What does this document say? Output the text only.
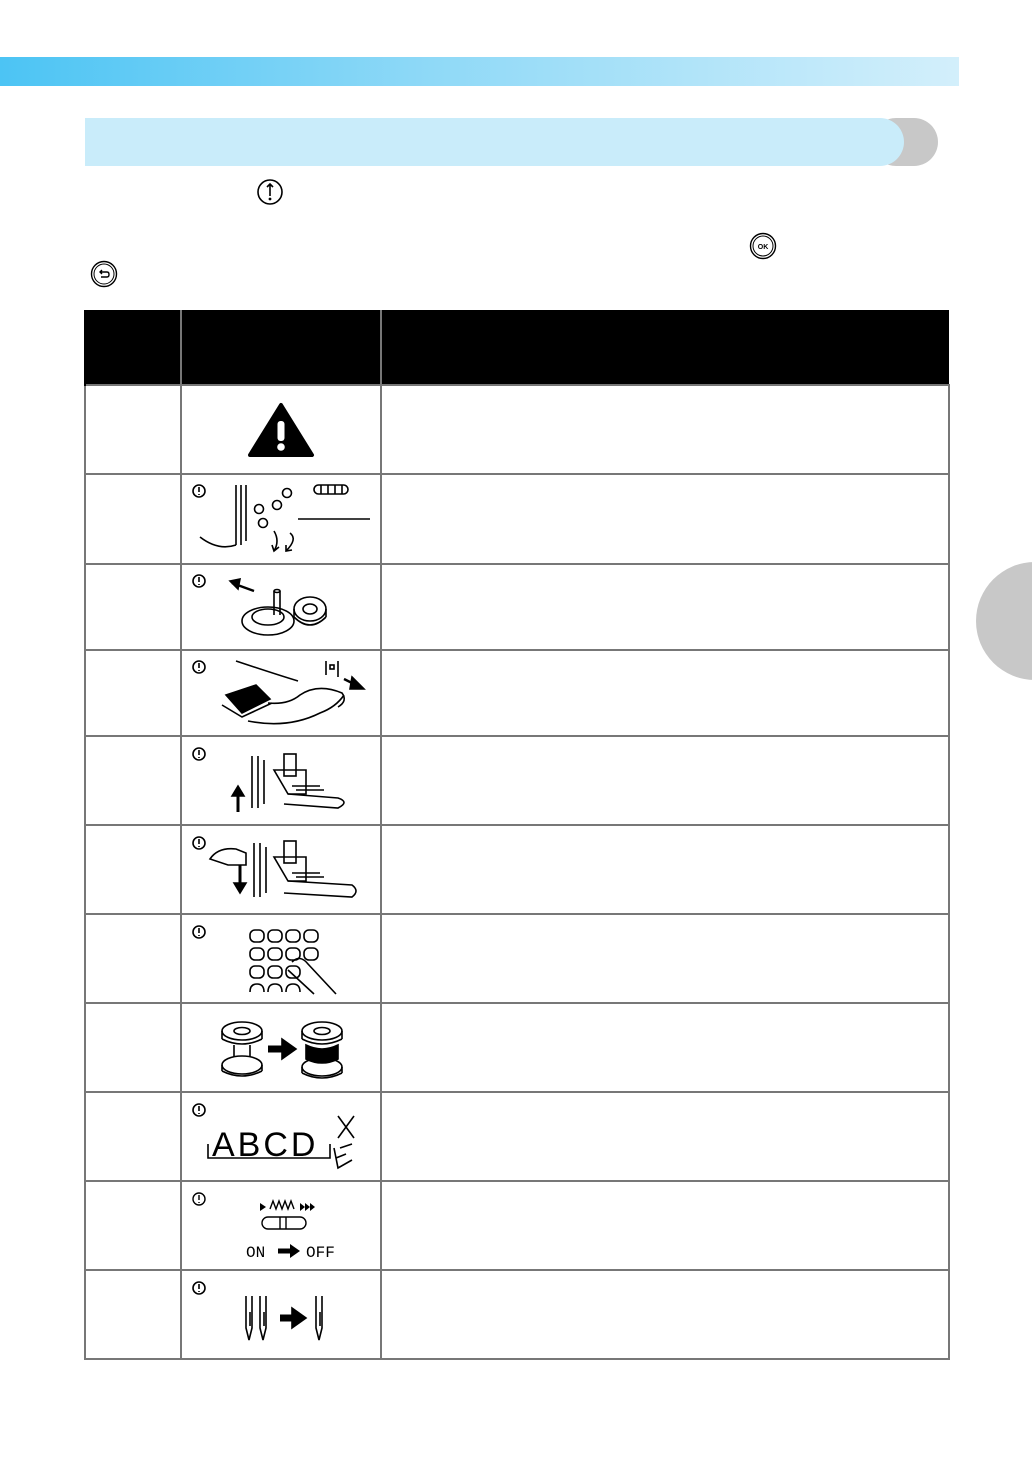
OK

ABCD	

ON OFF	
